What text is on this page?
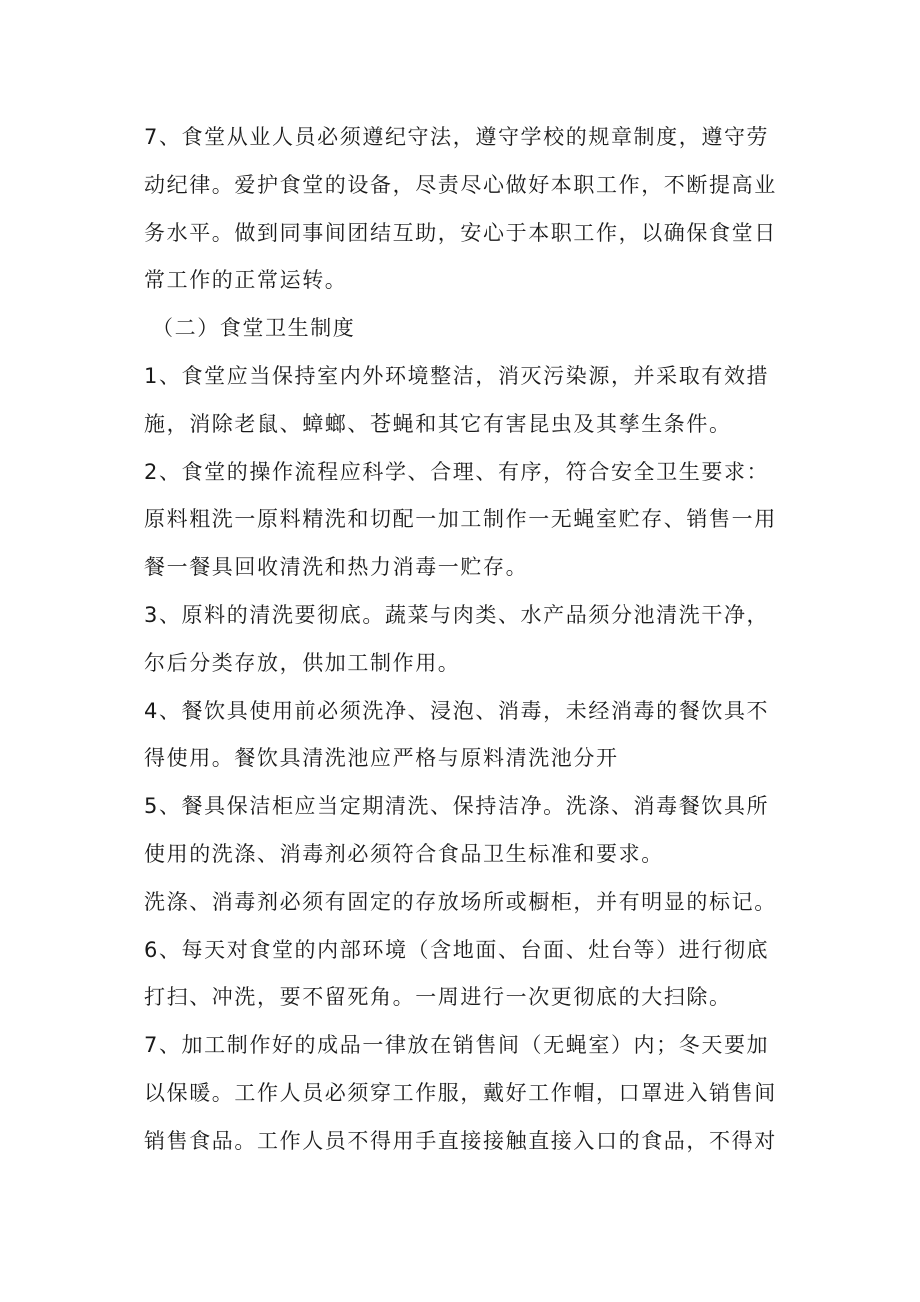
7、食堂从业人员必须遵纪守法，遵守学校的规章制度，遵守劳
动纪律。爱护食堂的设备，尽责尽心做好本职工作，不断提高业
务水平。做到同事间团结互助，安心于本职工作，以确保食堂日
常工作的正常运转。
（二）食堂卫生制度
1、食堂应当保持室内外环境整洁，消灭污染源，并采取有效措
施，消除老鼠、蟑螂、苍蝇和其它有害昆虫及其孳生条件。
2、食堂的操作流程应科学、合理、有序，符合安全卫生要求：
原料粗洗一原料精洗和切配一加工制作一无蝇室贮存、销售一用
餐一餐具回收清洗和热力消毒一贮存。
3、原料的清洗要彻底。蔬菜与肉类、水产品须分池清洗干净，
尔后分类存放，供加工制作用。
4、餐饮具使用前必须洗净、浸泡、消毒，未经消毒的餐饮具不
得使用。餐饮具清洗池应严格与原料清洗池分开
5、餐具保洁柜应当定期清洗、保持洁净。洗涤、消毒餐饮具所
使用的洗涤、消毒剂必须符合食品卫生标准和要求。
洗涤、消毒剂必须有固定的存放场所或橱柜，并有明显的标记。
6、每天对食堂的内部环境（含地面、台面、灶台等）进行彻底
打扫、冲洗，要不留死角。一周进行一次更彻底的大扫除。
7、加工制作好的成品一律放在销售间（无蝇室）内；冬天要加
以保暖。工作人员必须穿工作服，戴好工作帽，口罩进入销售间
销售食品。工作人员不得用手直接接触直接入口的食品，不得对
